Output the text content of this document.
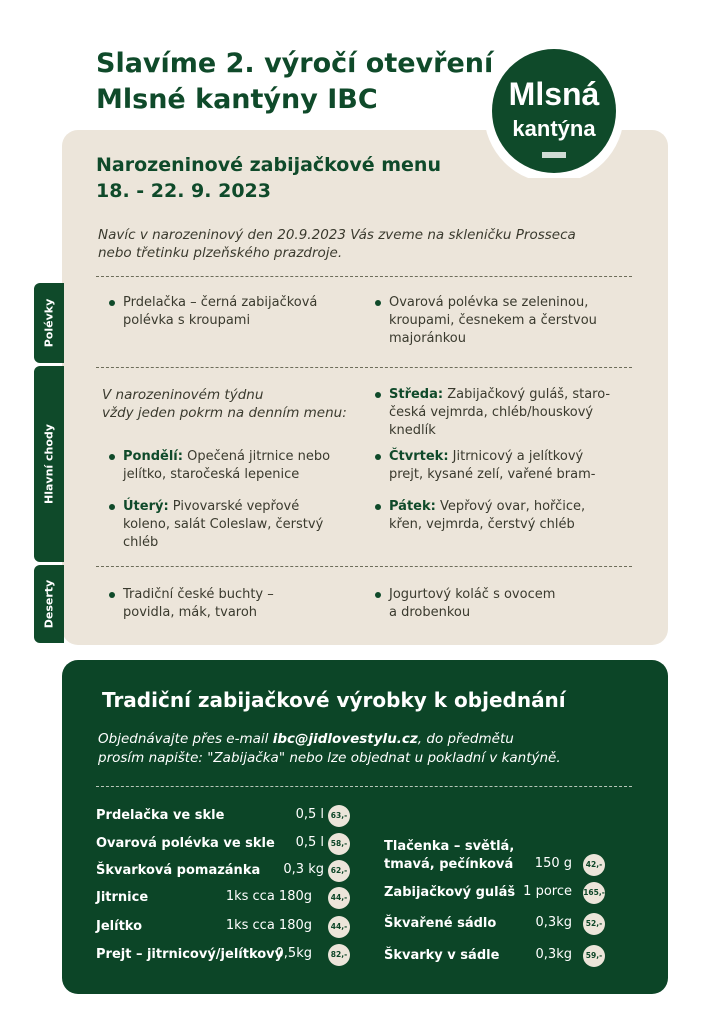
Slavíme 2. výročí otevření
Mlsné kantýny IBC	Mlsná
kantýna
Narozeninové zabijačkové menu
18. - 22. 9. 2023
Navíc v narozeninový den 20.9.2023 Vás zveme na skleničku Prosseca
nebo třetinku plzeňského prazdroje.
Polévky
Hlavní chody
Deserty
Prdelačka – černá zabijačková
polévka s kroupami
Ovarová polévka se zeleninou,
kroupami, česnekem a čerstvou
majoránkou
V narozeninovém týdnu
vždy jeden pokrm na denním menu:
Pondělí: Opečená jitrnice nebo
jelítko, staročeská lepenice
Úterý: Pivovarské vepřové
koleno, salát Coleslaw, čerstvý
chléb
Středa: Zabijačkový guláš, staro-
česká vejmrda, chléb/houskový
knedlík
Čtvrtek: Jitrnicový a jelítkový
prejt, kysané zelí, vařené bram-
Pátek: Vepřový ovar, hořčice,
křen, vejmrda, čerstvý chléb
Tradiční české buchty –
povidla, mák, tvaroh
Jogurtový koláč s ovocem
a drobenkou
Tradiční zabijačkové výrobky k objednání
Objednávajte přes e-mail ibc@jidlovestylu.cz, do předmětu
prosím napište: "Zabijačka" nebo lze objednat u pokladní v kantýně.
Prdelačka ve skle	0,5 l 63,-
Ovarová polévka ve skle	0,5 l 58,-
Škvarková pomazánka	0,3 kg 62,-
Jitrnice	1ks cca 180g	44,-
Jelítko	1ks cca 180g	44,-
Prejt – jitrnicový/jelítkový
0,5kg	82,-
Tlačenka – světlá,
tmavá, pečínková	150 g	42,-
Zabijačkový guláš 1 porce 165,-
Škvařené sádlo	0,3kg	52,-
Škvarky v sádle	0,3kg	59,-
